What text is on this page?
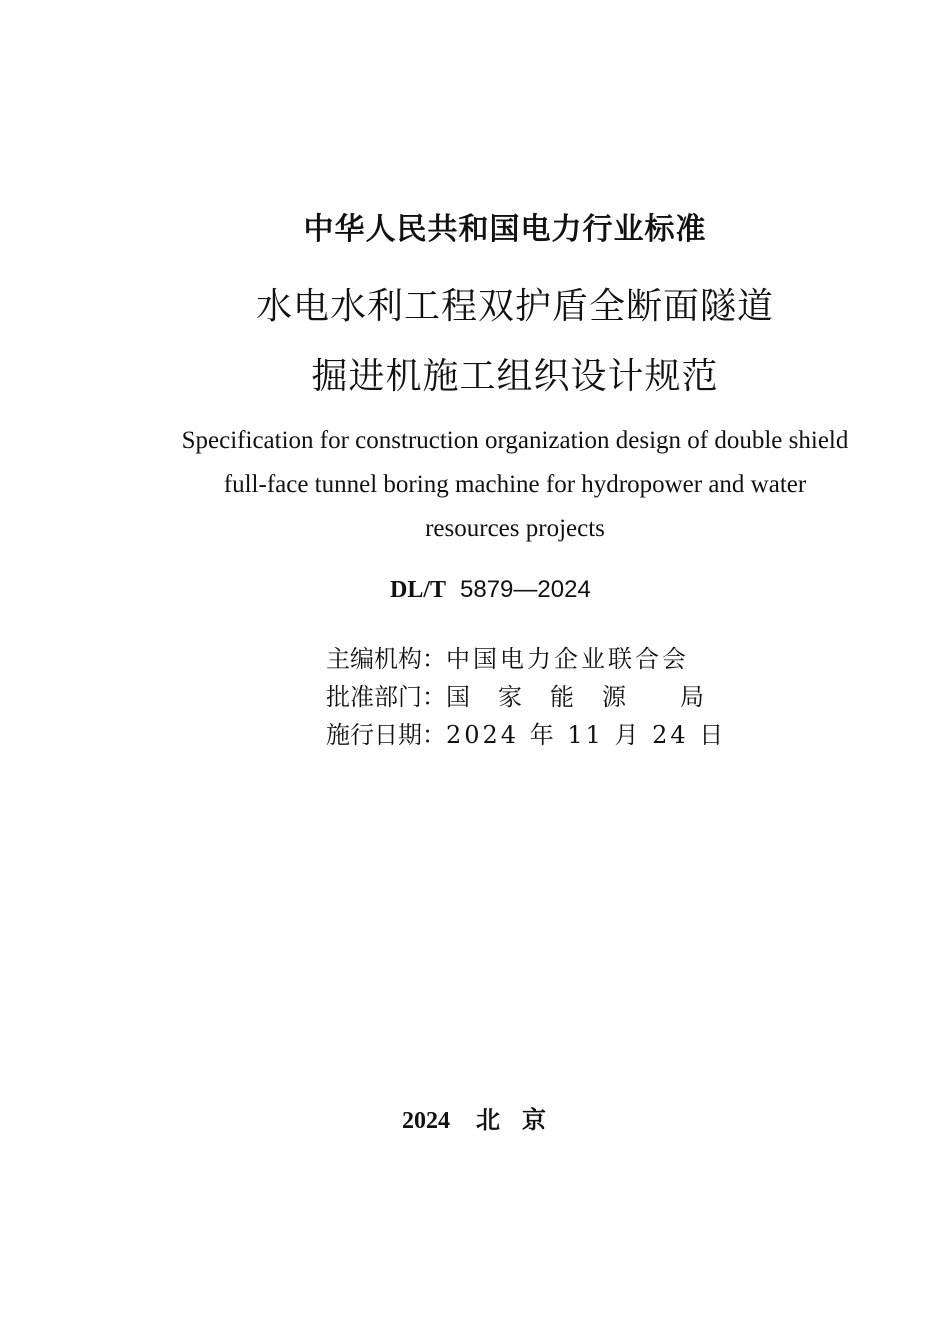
中华人民共和国电力行业标准
水电水利工程双护盾全断面隧道
掘进机施工组织设计规范
Specification for construction organization design of double shield
full-face tunnel boring machine for hydropower and water
resources projects
DL/T 5879—2024
主编机构： 中国电力企业联合会
批准部门： 国　家　能　源　　局
施行日期： 2024 年 11 月 24 日
2024 北京
